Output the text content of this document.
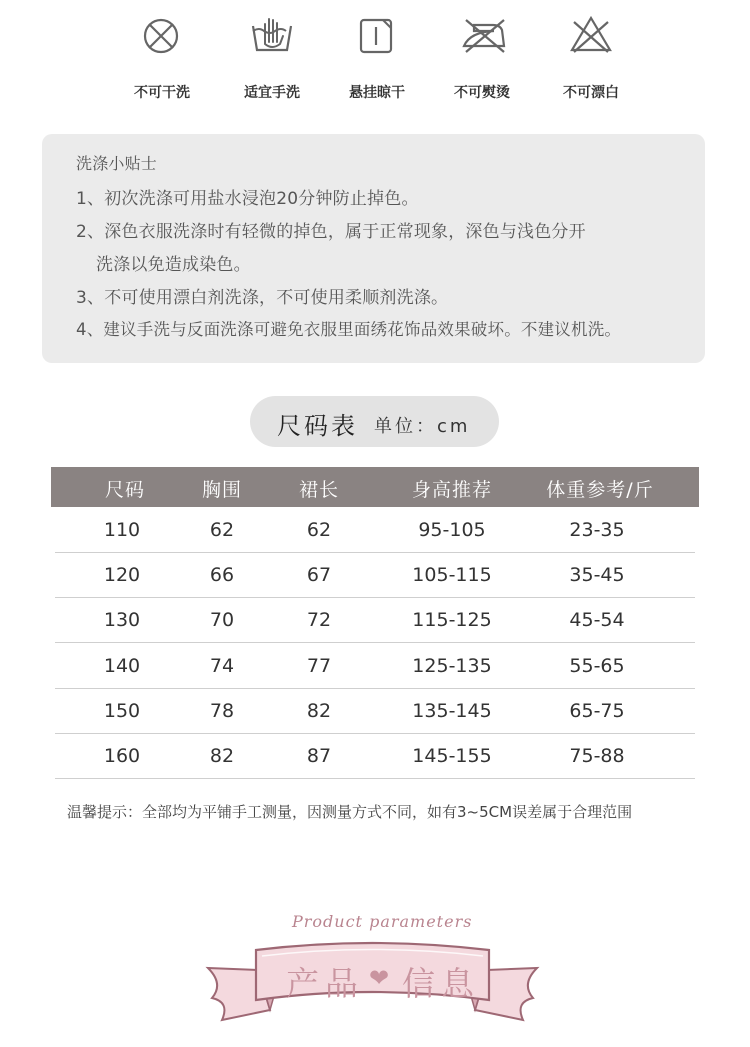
不可干洗	适宜手洗	悬挂晾干	不可熨烫	不可漂白
洗涤小贴士
1、初次洗涤可用盐水浸泡20分钟防止掉色。
2、深色衣服洗涤时有轻微的掉色，属于正常现象，深色与浅色分开
洗涤以免造成染色。
3、不可使用漂白剂洗涤，不可使用柔顺剂洗涤。
4、建议手洗与反面洗涤可避免衣服里面绣花饰品效果破坏。不建议机洗。
尺码表 单位：cm
尺码	胸围	裙长	身高推荐	体重参考/斤
110	62	62	95-105	23-35
120	66	67	105-115	35-45
130	70	72	115-125	45-54
140	74	77	125-135	55-65
150	78	82	135-145	65-75
160	82	87	145-155	75-88
温馨提示：全部均为平铺手工测量，因测量方式不同，如有3~5CM误差属于合理范围
Product parameters
产品 ❤ 信息
